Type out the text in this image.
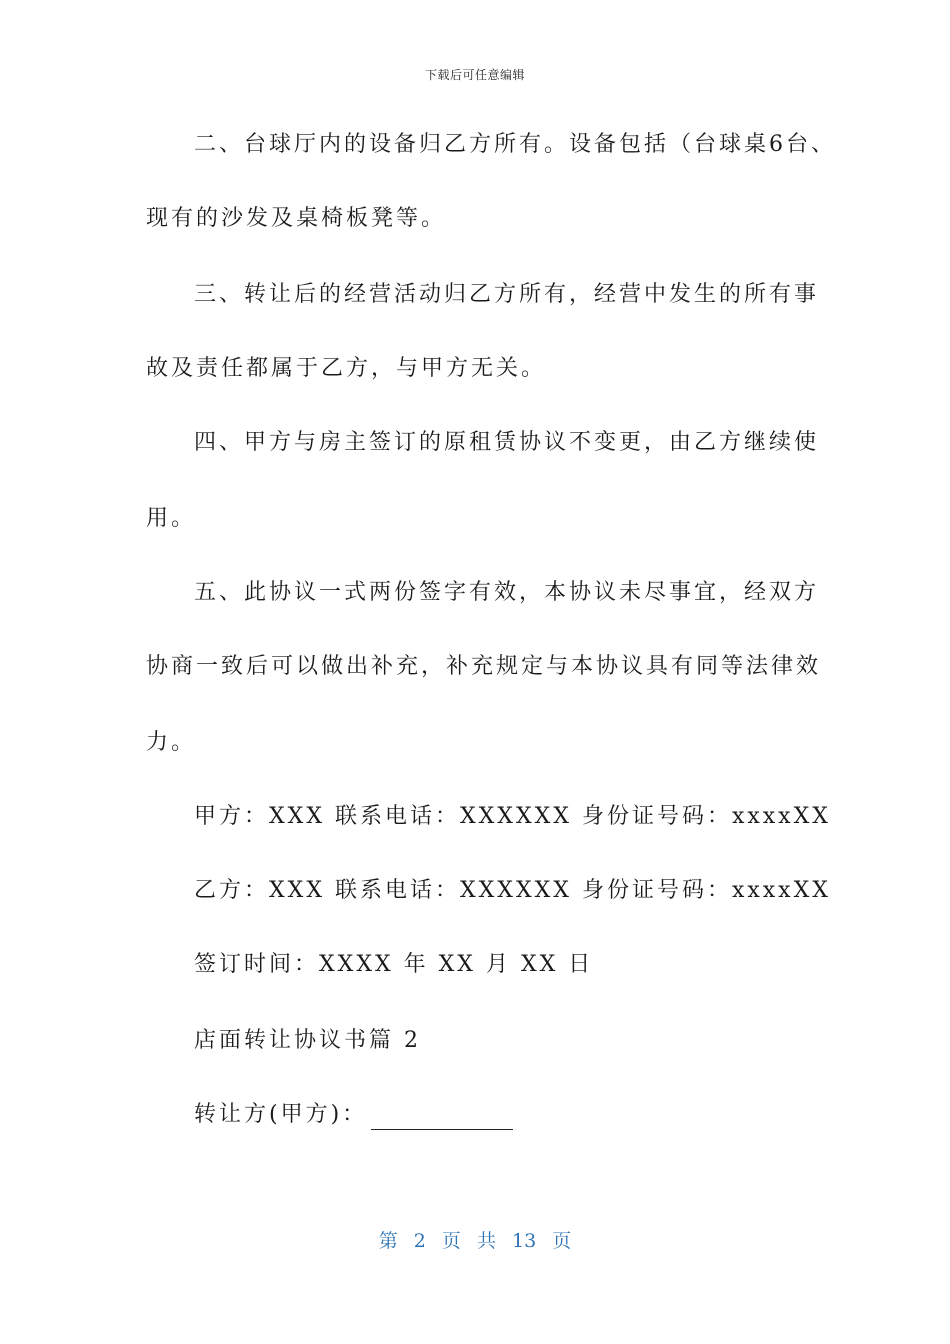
下载后可任意编辑
二、台球厅内的设备归乙方所有。设备包括（台球桌6台、
现有的沙发及桌椅板凳等。
三、转让后的经营活动归乙方所有，经营中发生的所有事
故及责任都属于乙方，与甲方无关。
四、甲方与房主签订的原租赁协议不变更，由乙方继续使
用。
五、此协议一式两份签字有效，本协议未尽事宜，经双方
协商一致后可以做出补充，补充规定与本协议具有同等法律效
力。
甲方：XXX 联系电话：XXXXXX 身份证号码：xxxxXX
乙方：XXX 联系电话：XXXXXX 身份证号码：xxxxXX
签订时间：XXXX 年 XX 月 XX 日
店面转让协议书篇 2
转让方(甲方)：
第 2 页 共 13 页
